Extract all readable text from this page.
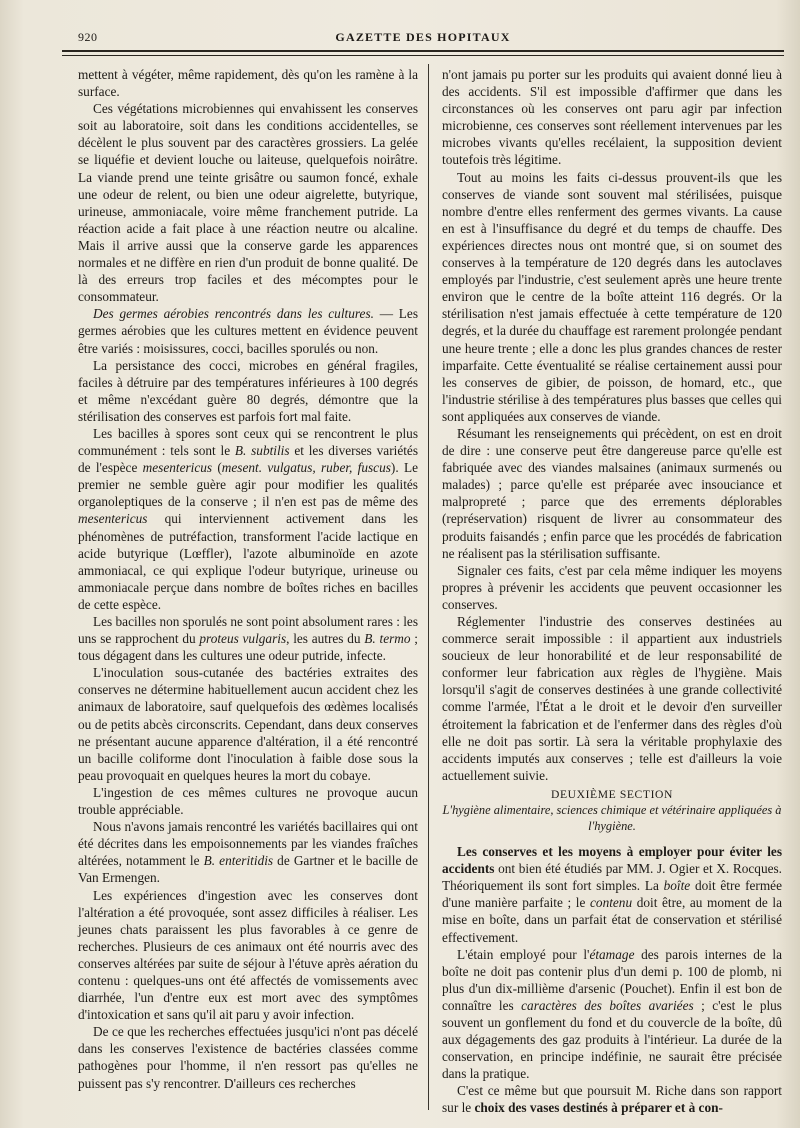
920	GAZETTE DES HOPITAUX

mettent à végéter, même rapidement, dès qu'on les ramène à la surface.

Ces végétations microbiennes qui envahissent les conserves soit au laboratoire, soit dans les conditions accidentelles, se décèlent le plus souvent par des caractères grossiers. La gelée se liquéfie et devient louche ou laiteuse, quelquefois noirâtre. La viande prend une teinte grisâtre ou saumon foncé, exhale une odeur de relent, ou bien une odeur aigrelette, butyrique, urineuse, ammoniacale, voire même franchement putride. La réaction acide a fait place à une réaction neutre ou alcaline. Mais il arrive aussi que la conserve garde les apparences normales et ne diffère en rien d'un produit de bonne qualité. De là des erreurs trop faciles et des mécomptes pour le consommateur.

Des germes aérobies rencontrés dans les cultures. — Les germes aérobies que les cultures mettent en évidence peuvent être variés : moisissures, cocci, bacilles sporulés ou non.

La persistance des cocci, microbes en général fragiles, faciles à détruire par des températures inférieures à 100 degrés et même n'excédant guère 80 degrés, démontre que la stérilisation des conserves est parfois fort mal faite.

Les bacilles à spores sont ceux qui se rencontrent le plus communément : tels sont le B. subtilis et les diverses variétés de l'espèce mesentericus (mesent. vulgatus, ruber, fuscus). Le premier ne semble guère agir pour modifier les qualités organoleptiques de la conserve ; il n'en est pas de même des mesentericus qui interviennent activement dans les phénomènes de putréfaction, transforment l'acide lactique en acide butyrique (Lœffler), l'azote albuminoïde en azote ammoniacal, ce qui explique l'odeur butyrique, urineuse ou ammoniacale perçue dans nombre de boîtes riches en bacilles de cette espèce.

Les bacilles non sporulés ne sont point absolument rares : les uns se rapprochent du proteus vulgaris, les autres du B. termo ; tous dégagent dans les cultures une odeur putride, infecte.

L'inoculation sous-cutanée des bactéries extraites des conserves ne détermine habituellement aucun accident chez les animaux de laboratoire, sauf quelquefois des œdèmes localisés ou de petits abcès circonscrits. Cependant, dans deux conserves ne présentant aucune apparence d'altération, il a été rencontré un bacille coliforme dont l'inoculation à faible dose sous la peau provoquait en quelques heures la mort du cobaye.

L'ingestion de ces mêmes cultures ne provoque aucun trouble appréciable.

Nous n'avons jamais rencontré les variétés bacillaires qui ont été décrites dans les empoisonnements par les viandes fraîches altérées, notamment le B. enteritidis de Gartner et le bacille de Van Ermengen.

Les expériences d'ingestion avec les conserves dont l'altération a été provoquée, sont assez difficiles à réaliser. Les jeunes chats paraissent les plus favorables à ce genre de recherches. Plusieurs de ces animaux ont été nourris avec des conserves altérées par suite de séjour à l'étuve après aération du contenu : quelques-uns ont été affectés de vomissements avec diarrhée, l'un d'entre eux est mort avec des symptômes d'intoxication et sans qu'il ait paru y avoir infection.

De ce que les recherches effectuées jusqu'ici n'ont pas décelé dans les conserves l'existence de bactéries classées comme pathogènes pour l'homme, il n'en ressort pas qu'elles ne puissent pas s'y rencontrer. D'ailleurs ces recherches

n'ont jamais pu porter sur les produits qui avaient donné lieu à des accidents. S'il est impossible d'affirmer que dans les circonstances où les conserves ont paru agir par infection microbienne, ces conserves sont réellement intervenues par les microbes vivants qu'elles recélaient, la supposition devient toutefois très légitime.

Tout au moins les faits ci-dessus prouvent-ils que les conserves de viande sont souvent mal stérilisées, puisque nombre d'entre elles renferment des germes vivants. La cause en est à l'insuffisance du degré et du temps de chauffe. Des expériences directes nous ont montré que, si on soumet des conserves à la température de 120 degrés dans les autoclaves employés par l'industrie, c'est seulement après une heure trente environ que le centre de la boîte atteint 116 degrés. Or la stérilisation n'est jamais effectuée à cette température de 120 degrés, et la durée du chauffage est rarement prolongée pendant une heure trente ; elle a donc les plus grandes chances de rester imparfaite. Cette éventualité se réalise certainement aussi pour les conserves de gibier, de poisson, de homard, etc., que l'industrie stérilise à des températures plus basses que celles qui sont appliquées aux conserves de viande.

Résumant les renseignements qui précèdent, on est en droit de dire : une conserve peut être dangereuse parce qu'elle est fabriquée avec des viandes malsaines (animaux surmenés ou malades) ; parce qu'elle est préparée avec insouciance et malpropreté ; parce que des errements déplorables (représervation) risquent de livrer au consommateur des produits faisandés ; enfin parce que les procédés de fabrication ne réalisent pas la stérilisation suffisante.

Signaler ces faits, c'est par cela même indiquer les moyens propres à prévenir les accidents que peuvent occasionner les conserves.

Réglementer l'industrie des conserves destinées au commerce serait impossible : il appartient aux industriels soucieux de leur honorabilité et de leur responsabilité de conformer leur fabrication aux règles de l'hygiène. Mais lorsqu'il s'agit de conserves destinées à une grande collectivité comme l'armée, l'État a le droit et le devoir d'en surveiller étroitement la fabrication et de l'enfermer dans des règles d'où elle ne doit pas sortir. Là sera la véritable prophylaxie des accidents imputés aux conserves ; telle est d'ailleurs la voie actuellement suivie.

DEUXIÈME SECTION
L'hygiène alimentaire, sciences chimique et vétérinaire appliquées à l'hygiène.

Les conserves et les moyens à employer pour éviter les accidents ont bien été étudiés par MM. J. Ogier et X. Rocques. Théoriquement ils sont fort simples. La boîte doit être fermée d'une manière parfaite ; le contenu doit être, au moment de la mise en boîte, dans un parfait état de conservation et stérilisé effectivement.

L'étain employé pour l'étamage des parois internes de la boîte ne doit pas contenir plus d'un demi p. 100 de plomb, ni plus d'un dix-millième d'arsenic (Pouchet). Enfin il est bon de connaître les caractères des boîtes avariées ; c'est le plus souvent un gonflement du fond et du couvercle de la boîte, dû aux dégagements des gaz produits à l'intérieur. La durée de la conservation, en principe indéfinie, ne saurait être précisée dans la pratique.

C'est ce même but que poursuit M. Riche dans son rapport sur le choix des vases destinés à préparer et à con-
